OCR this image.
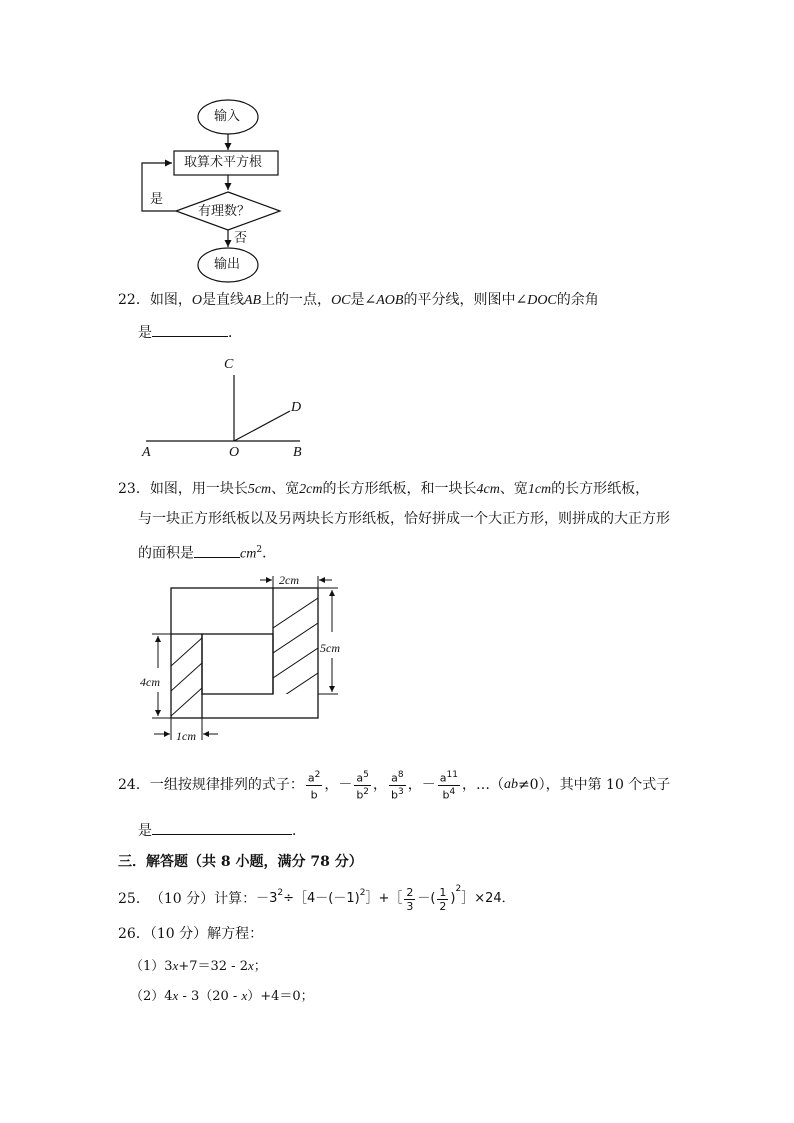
输入
取算术平方根
有理数？
是
否
输出
22．如图，O是直线AB上的一点，OC是∠AOB的平分线，则图中∠DOC的余角
是	．
C
D
A	O	B
23．如图，用一块长5cm、宽2cm的长方形纸板，和一块长4cm、宽1cm的长方形纸板，
与一块正方形纸板以及另两块长方形纸板，恰好拼成一个大正方形，则拼成的大正方形
的面积是	$cm^2$．
2cm
5cm
4cm
1cm
24． 一组按规律排列的式子： $\frac{a^2}{b}$ ， － $\frac{a^5}{b^2}$ ， $\frac{a^8}{b^3}$ ， － $\frac{a^{11}}{b^4}$ ，…（ ab ≠0），其中第 10 个式子
是	．
三．解答题（共 8 小题，满分 78 分）
25． （10 分）计算： $-3^2$ $\div[4-(-1)^2$ ］+［ $\frac{2}{3}$ －( $\frac{1}{2}$ )
$^2$
］×24．
26．（10 分）解方程：
（1）3x+7＝32 - 2x；
（2）4x - 3（20 - x）+4＝0；
